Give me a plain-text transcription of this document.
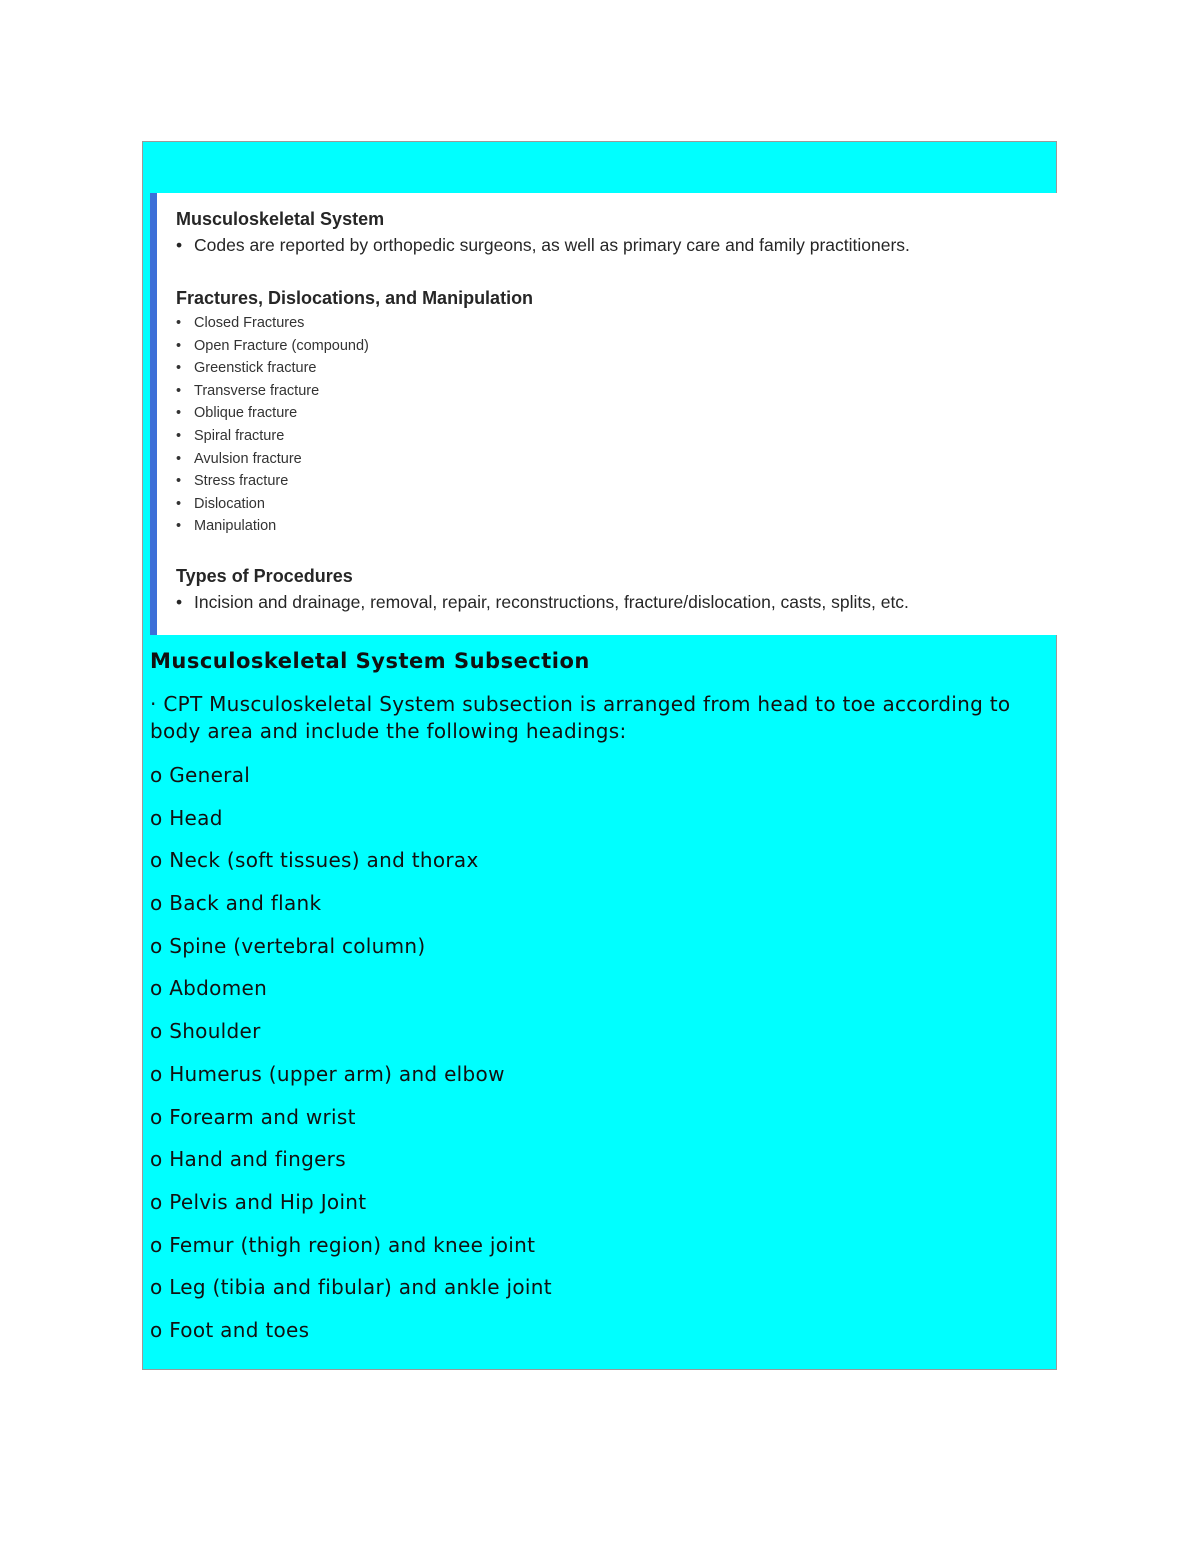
Musculoskeletal System
• Codes are reported by orthopedic surgeons, as well as primary care and family practitioners.
Fractures, Dislocations, and Manipulation
• Closed Fractures
• Open Fracture (compound)
• Greenstick fracture
• Transverse fracture
• Oblique fracture
• Spiral fracture
• Avulsion fracture
• Stress fracture
• Dislocation
• Manipulation
Types of Procedures
• Incision and drainage, removal, repair, reconstructions, fracture/dislocation, casts, splits, etc.
Musculoskeletal System Subsection
· CPT Musculoskeletal System subsection is arranged from head to toe according to body area and include the following headings:
o General
o Head
o Neck (soft tissues) and thorax
o Back and flank
o Spine (vertebral column)
o Abdomen
o Shoulder
o Humerus (upper arm) and elbow
o Forearm and wrist
o Hand and fingers
o Pelvis and Hip Joint
o Femur (thigh region) and knee joint
o Leg (tibia and fibular) and ankle joint
o Foot and toes
